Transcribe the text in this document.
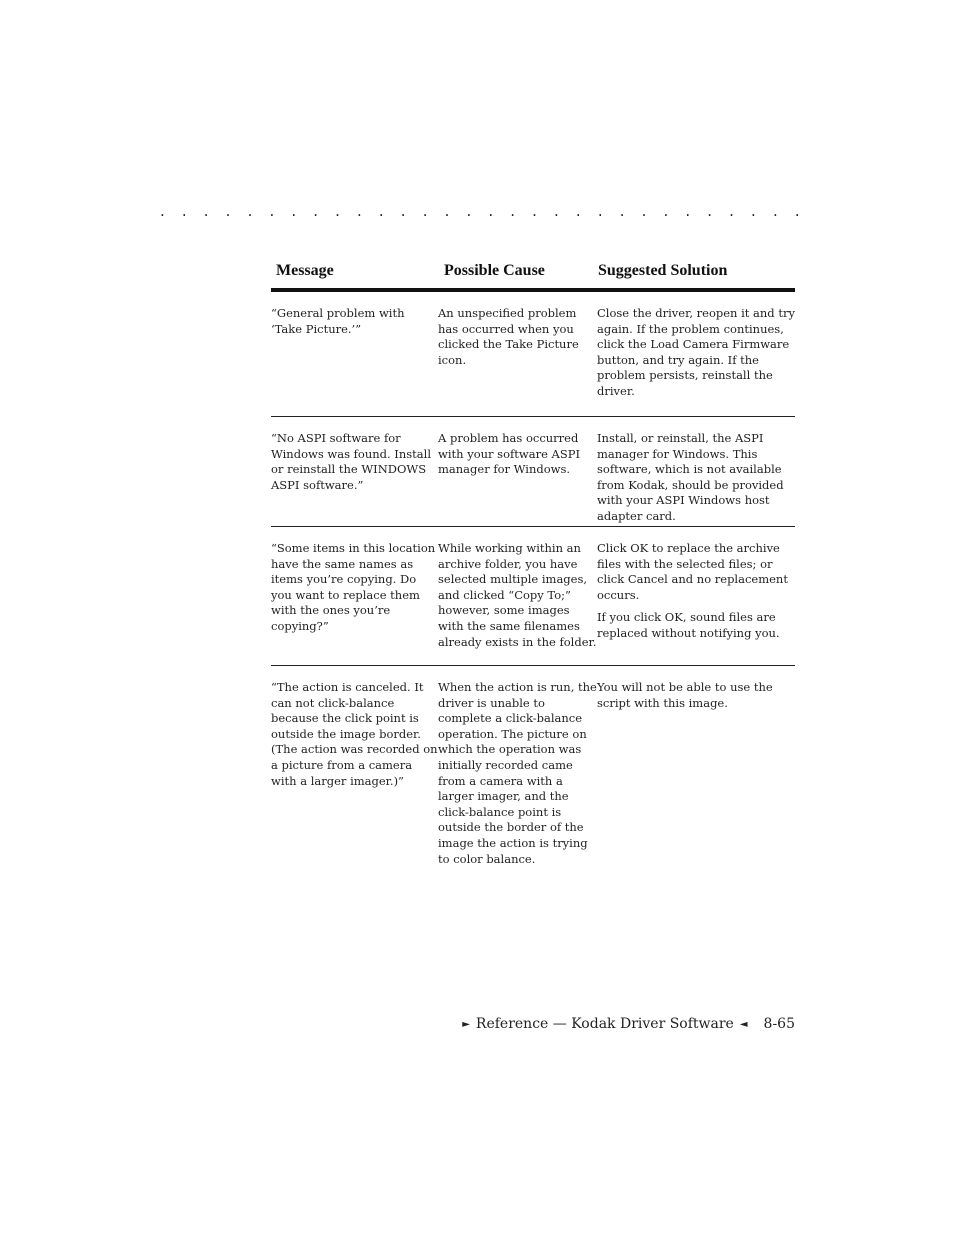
. . . . . . . . . . . . . . . . . . . . . . . . . . . . . .
Message	Possible Cause	Suggested Solution
“General problem with ‘Take Picture.’”
An unspecified problem has occurred when you clicked the Take Picture icon.

Close the driver, reopen it and try again. If the problem continues, click the Load Camera Firmware button, and try again. If the problem persists, reinstall the driver.

“No ASPI software for Windows was found. Install or reinstall the WINDOWS ASPI software.”
A problem has occurred with your software ASPI manager for Windows.

Install, or reinstall, the ASPI manager for Windows. This software, which is not available from Kodak, should be provided with your ASPI Windows host adapter card.

“Some items in this location have the same names as items you’re copying. Do you want to replace them with the ones you’re copying?”
While working within an archive folder, you have selected multiple images, and clicked “Copy To;” however, some images with the same filenames already exists in the folder.

Click OK to replace the archive files with the selected files; or click Cancel and no replacement occurs.

If you click OK, sound files are replaced without notifying you.

“The action is canceled. It can not click-balance because the click point is outside the image border. (The action was recorded on a picture from a camera with a larger imager.)”
When the action is run, the driver is unable to complete a click-balance operation. The picture on which the operation was initially recorded came from a camera with a larger imager, and the click-balance point is outside the border of the image the action is trying to color balance.

You will not be able to use the script with this image.

► Reference — Kodak Driver Software ◄ 8-65
